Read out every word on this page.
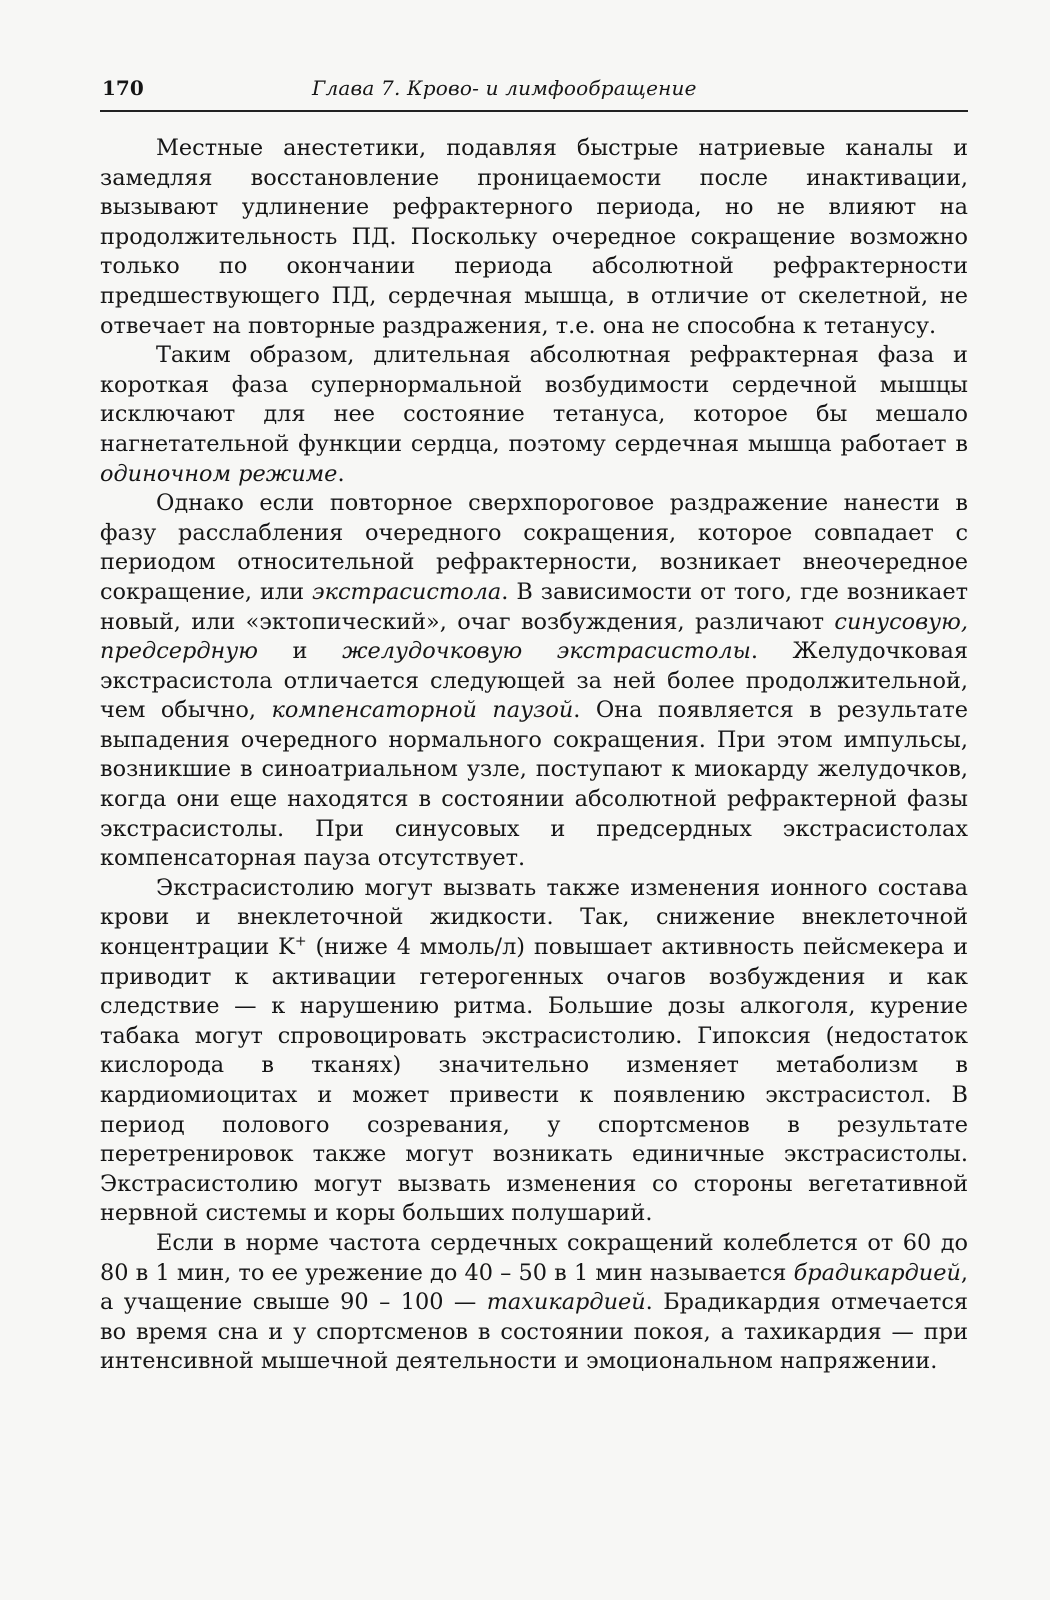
170	Глава 7. Крово- и лимфообращение

Местные анестетики, подавляя быстрые натриевые каналы и замедляя восстановление проницаемости после инактивации, вызывают удлинение рефрактерного периода, но не влияют на продолжительность ПД. Поскольку очередное сокращение возможно только по окончании периода абсолютной рефрактерности предшествующего ПД, сердечная мышца, в отличие от скелетной, не отвечает на повторные раздражения, т.е. она не способна к тетанусу.

Таким образом, длительная абсолютная рефрактерная фаза и короткая фаза супернормальной возбудимости сердечной мышцы исключают для нее состояние тетануса, которое бы мешало нагнетательной функции сердца, поэтому сердечная мышца работает в одиночном режиме.

Однако если повторное сверхпороговое раздражение нанести в фазу расслабления очередного сокращения, которое совпадает с периодом относительной рефрактерности, возникает внеочередное сокращение, или экстрасистола. В зависимости от того, где возникает новый, или «эктопический», очаг возбуждения, различают синусовую, предсердную и желудочковую экстрасистолы. Желудочковая экстрасистола отличается следующей за ней более продолжительной, чем обычно, компенсаторной паузой. Она появляется в результате выпадения очередного нормального сокращения. При этом импульсы, возникшие в синоатриальном узле, поступают к миокарду желудочков, когда они еще находятся в состоянии абсолютной рефрактерной фазы экстрасистолы. При синусовых и предсердных экстрасистолах компенсаторная пауза отсутствует.

Экстрасистолию могут вызвать также изменения ионного состава крови и внеклеточной жидкости. Так, снижение внеклеточной концентрации K+ (ниже 4 ммоль/л) повышает активность пейсмекера и приводит к активации гетерогенных очагов возбуждения и как следствие — к нарушению ритма. Большие дозы алкоголя, курение табака могут спровоцировать экстрасистолию. Гипоксия (недостаток кислорода в тканях) значительно изменяет метаболизм в кардиомиоцитах и может привести к появлению экстрасистол. В период полового созревания, у спортсменов в результате перетренировок также могут возникать единичные экстрасистолы. Экстрасистолию могут вызвать изменения со стороны вегетативной нервной системы и коры больших полушарий.

Если в норме частота сердечных сокращений колеблется от 60 до 80 в 1 мин, то ее урежение до 40 – 50 в 1 мин называется брадикардией, а учащение свыше 90 – 100 — тахикардией. Брадикардия отмечается во время сна и у спортсменов в состоянии покоя, а тахикардия — при интенсивной мышечной деятельности и эмоциональном напряжении.
